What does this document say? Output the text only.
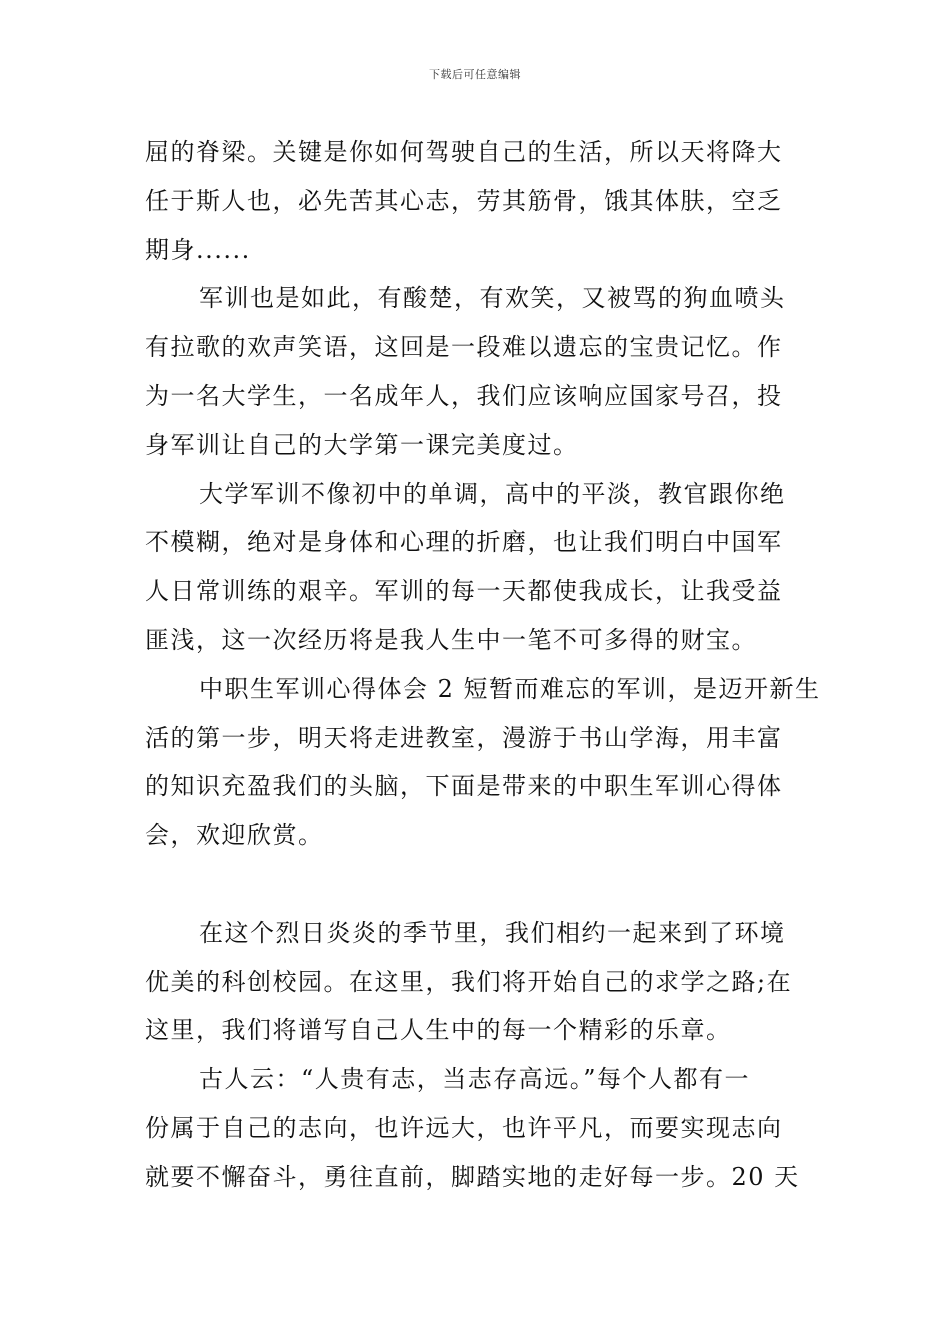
下载后可任意编辑
屈的脊梁。关键是你如何驾驶自己的生活，所以天将降大
任于斯人也，必先苦其心志，劳其筋骨，饿其体肤，空乏
期身......
军训也是如此，有酸楚，有欢笑，又被骂的狗血喷头
有拉歌的欢声笑语，这回是一段难以遗忘的宝贵记忆。作
为一名大学生，一名成年人，我们应该响应国家号召，投
身军训让自己的大学第一课完美度过。
大学军训不像初中的单调，高中的平淡，教官跟你绝
不模糊，绝对是身体和心理的折磨，也让我们明白中国军
人日常训练的艰辛。军训的每一天都使我成长，让我受益
匪浅，这一次经历将是我人生中一笔不可多得的财宝。
中职生军训心得体会 2 短暂而难忘的军训，是迈开新生
活的第一步，明天将走进教室，漫游于书山学海，用丰富
的知识充盈我们的头脑，下面是带来的中职生军训心得体
会，欢迎欣赏。
在这个烈日炎炎的季节里，我们相约一起来到了环境
优美的科创校园。在这里，我们将开始自己的求学之路;在
这里，我们将谱写自己人生中的每一个精彩的乐章。
古人云：“人贵有志，当志存高远。”每个人都有一
份属于自己的志向，也许远大，也许平凡，而要实现志向
就要不懈奋斗，勇往直前，脚踏实地的走好每一步。20 天
